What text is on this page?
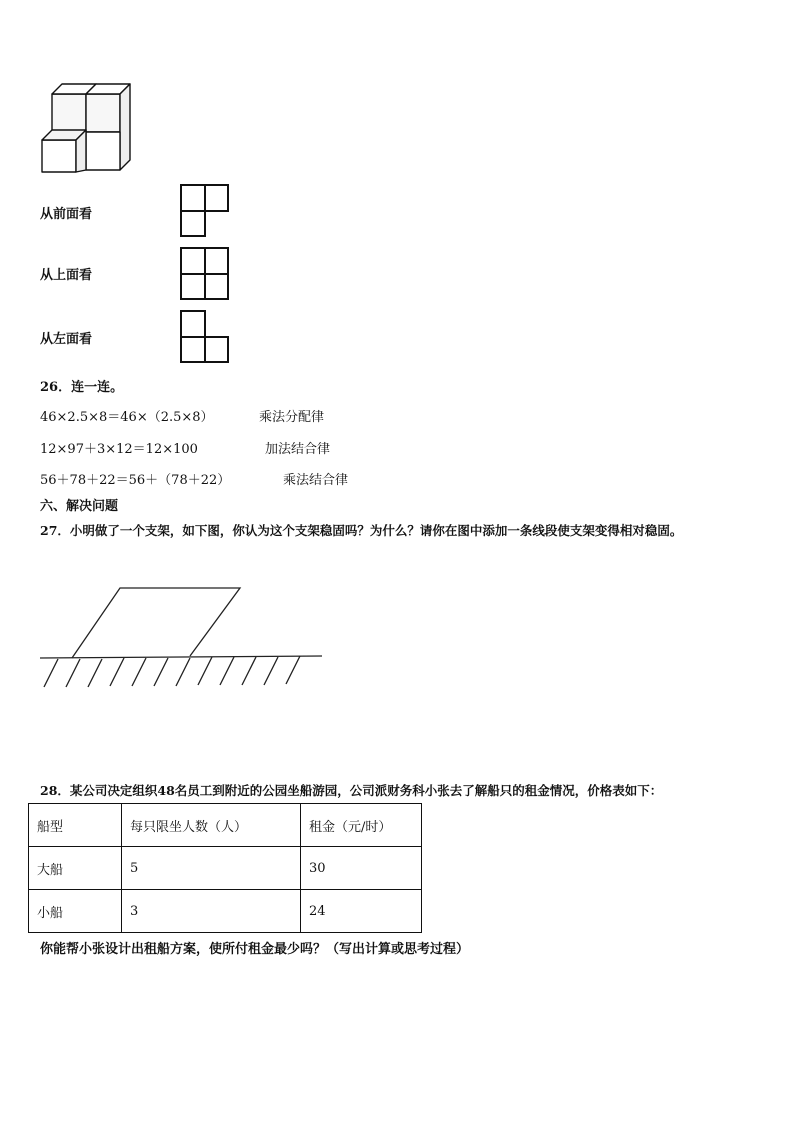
从前面看
从上面看
从左面看
26．连一连。
46×2.5×8＝46×（2.5×8）	乘法分配律
12×97＋3×12＝12×100	加法结合律
56＋78＋22＝56＋（78＋22）	乘法结合律
六、解决问题
27．小明做了一个支架，如下图，你认为这个支架稳固吗？为什么？请你在图中添加一条线段使支架变得相对稳固。
28．某公司决定组织48名员工到附近的公园坐船游园，公司派财务科小张去了解船只的租金情况，价格表如下：
船型	每只限坐人数（人）	租金（元/时）
大船	5	30
小船	3	24
你能帮小张设计出租船方案，使所付租金最少吗？（写出计算或思考过程）
